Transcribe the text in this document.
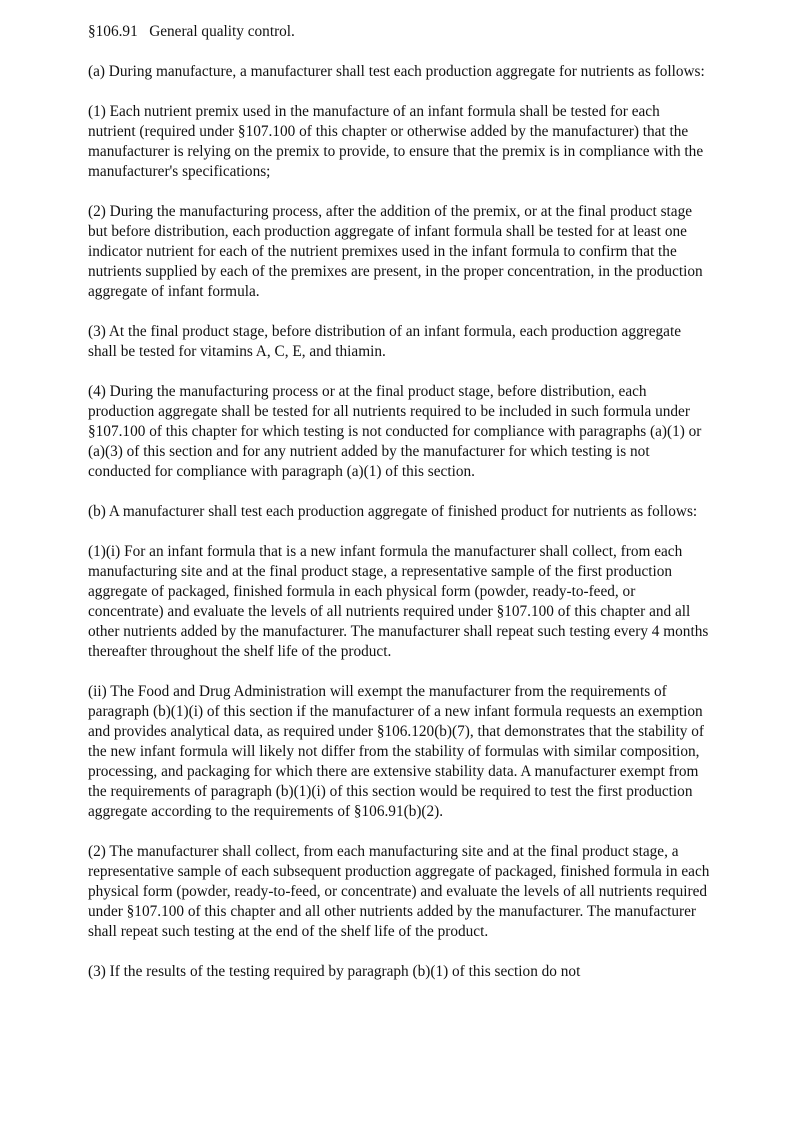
§106.91   General quality control.

(a) During manufacture, a manufacturer shall test each production aggregate for nutrients as follows:

(1) Each nutrient premix used in the manufacture of an infant formula shall be tested for each nutrient (required under §107.100 of this chapter or otherwise added by the manufacturer) that the manufacturer is relying on the premix to provide, to ensure that the premix is in compliance with the manufacturer's specifications;

(2) During the manufacturing process, after the addition of the premix, or at the final product stage but before distribution, each production aggregate of infant formula shall be tested for at least one indicator nutrient for each of the nutrient premixes used in the infant formula to confirm that the nutrients supplied by each of the premixes are present, in the proper concentration, in the production aggregate of infant formula.

(3) At the final product stage, before distribution of an infant formula, each production aggregate shall be tested for vitamins A, C, E, and thiamin.

(4) During the manufacturing process or at the final product stage, before distribution, each production aggregate shall be tested for all nutrients required to be included in such formula under §107.100 of this chapter for which testing is not conducted for compliance with paragraphs (a)(1) or (a)(3) of this section and for any nutrient added by the manufacturer for which testing is not conducted for compliance with paragraph (a)(1) of this section.

(b) A manufacturer shall test each production aggregate of finished product for nutrients as follows:

(1)(i) For an infant formula that is a new infant formula the manufacturer shall collect, from each manufacturing site and at the final product stage, a representative sample of the first production aggregate of packaged, finished formula in each physical form (powder, ready-to-feed, or concentrate) and evaluate the levels of all nutrients required under §107.100 of this chapter and all other nutrients added by the manufacturer. The manufacturer shall repeat such testing every 4 months thereafter throughout the shelf life of the product.

(ii) The Food and Drug Administration will exempt the manufacturer from the requirements of paragraph (b)(1)(i) of this section if the manufacturer of a new infant formula requests an exemption and provides analytical data, as required under §106.120(b)(7), that demonstrates that the stability of the new infant formula will likely not differ from the stability of formulas with similar composition, processing, and packaging for which there are extensive stability data. A manufacturer exempt from the requirements of paragraph (b)(1)(i) of this section would be required to test the first production aggregate according to the requirements of §106.91(b)(2).

(2) The manufacturer shall collect, from each manufacturing site and at the final product stage, a representative sample of each subsequent production aggregate of packaged, finished formula in each physical form (powder, ready-to-feed, or concentrate) and evaluate the levels of all nutrients required under §107.100 of this chapter and all other nutrients added by the manufacturer. The manufacturer shall repeat such testing at the end of the shelf life of the product.

(3) If the results of the testing required by paragraph (b)(1) of this section do not
